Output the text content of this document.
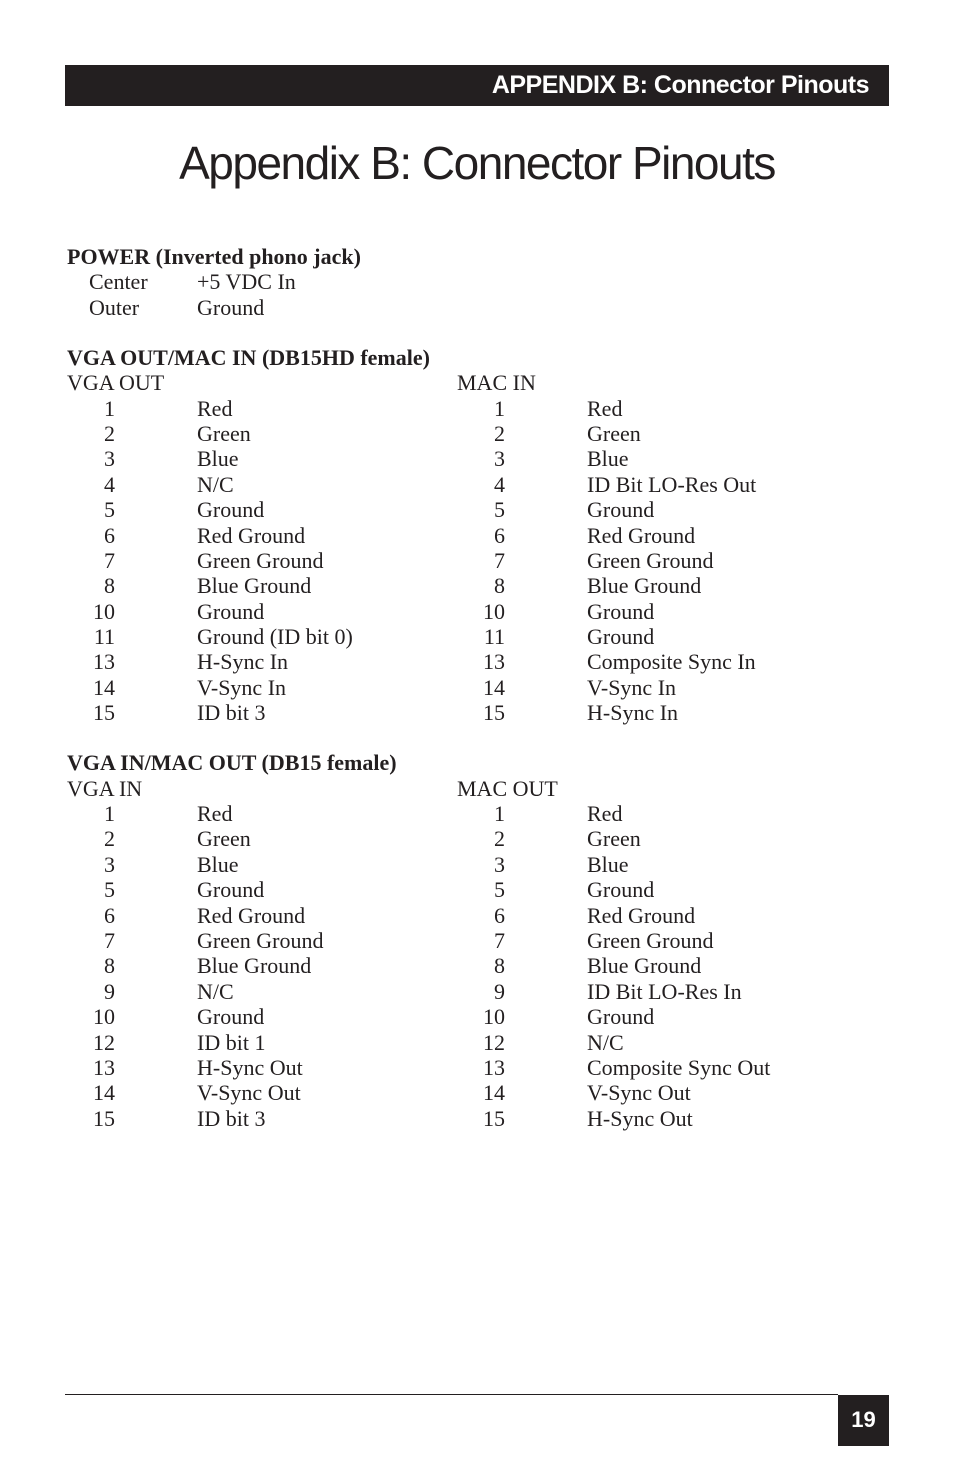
APPENDIX B: Connector Pinouts
Appendix B: Connector Pinouts
POWER (Inverted phono jack)
Center +5 VDC In
Outer	Ground
VGA OUT/MAC IN (DB15HD female)
VGA OUT	MAC IN
1	Red	1	Red
2	Green	2	Green
3	Blue	3	Blue
4	N/C	4	ID Bit LO-Res Out
5	Ground	5	Ground
6	Red Ground	6	Red Ground
7	Green Ground	7	Green Ground
8	Blue Ground	8	Blue Ground
10	Ground	10	Ground
11	Ground (ID bit 0)	11	Ground
13	H-Sync In	13	Composite Sync In
14	V-Sync In	14	V-Sync In
15	ID bit 3	15	H-Sync In
VGA IN/MAC OUT (DB15 female)
VGA IN	MAC OUT
1	Red	1	Red
2	Green	2	Green
3	Blue	3	Blue
5	Ground	5	Ground
6	Red Ground	6	Red Ground
7	Green Ground	7	Green Ground
8	Blue Ground	8	Blue Ground
9	N/C	9	ID Bit LO-Res In
10	Ground	10	Ground
12	ID bit 1	12	N/C
13	H-Sync Out	13	Composite Sync Out
14	V-Sync Out	14	V-Sync Out
15	ID bit 3	15	H-Sync Out
19
